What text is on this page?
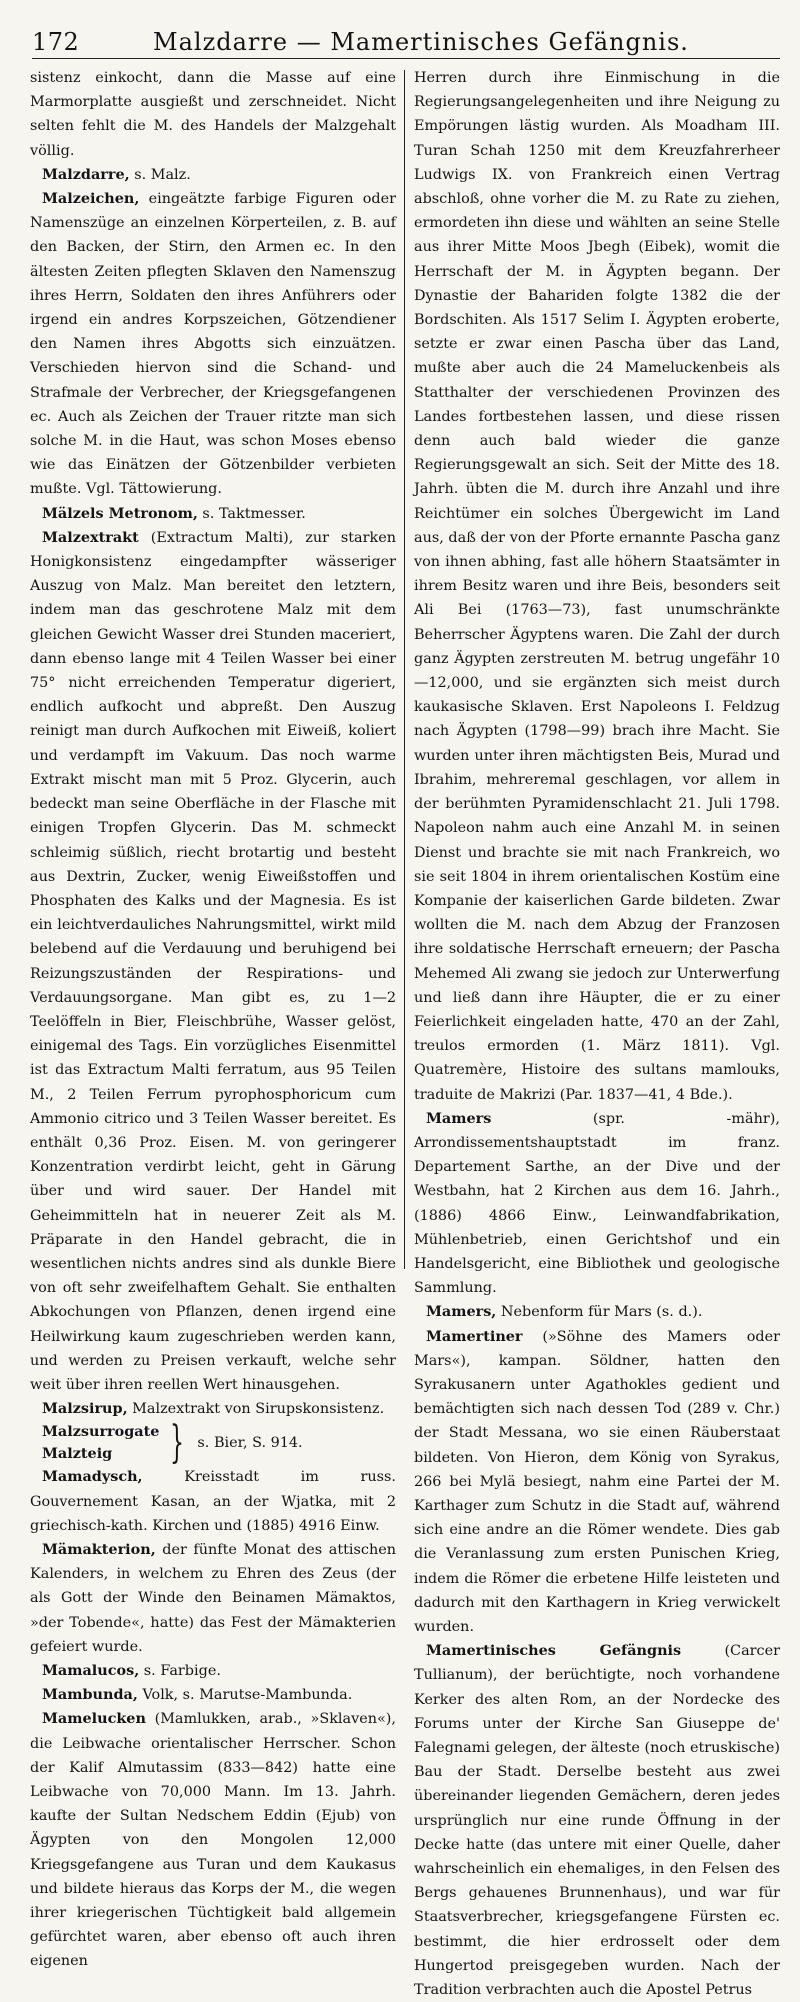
172	Malzdarre — Mamertinisches Gefängnis.

sistenz einkocht, dann die Masse auf eine Marmorplatte ausgießt und zerschneidet. Nicht selten fehlt die M. des Handels der Malzgehalt völlig.

Malzdarre, s. Malz.

Malzeichen, eingeätzte farbige Figuren oder Namenszüge an einzelnen Körperteilen, z. B. auf den Backen, der Stirn, den Armen ec. In den ältesten Zeiten pflegten Sklaven den Namenszug ihres Herrn, Soldaten den ihres Anführers oder irgend ein andres Korpszeichen, Götzendiener den Namen ihres Abgotts sich einzuätzen. Verschieden hiervon sind die Schand- und Strafmale der Verbrecher, der Kriegsgefangenen ec. Auch als Zeichen der Trauer ritzte man sich solche M. in die Haut, was schon Moses ebenso wie das Einätzen der Götzenbilder verbieten mußte. Vgl. Tättowierung.

Mälzels Metronom, s. Taktmesser.

Malzextrakt (Extractum Malti), zur starken Honigkonsistenz eingedampfter wässeriger Auszug von Malz. Man bereitet den letztern, indem man das geschrotene Malz mit dem gleichen Gewicht Wasser drei Stunden maceriert, dann ebenso lange mit 4 Teilen Wasser bei einer 75° nicht erreichenden Temperatur digeriert, endlich aufkocht und abpreßt. Den Auszug reinigt man durch Aufkochen mit Eiweiß, koliert und verdampft im Vakuum. Das noch warme Extrakt mischt man mit 5 Proz. Glycerin, auch bedeckt man seine Oberfläche in der Flasche mit einigen Tropfen Glycerin. Das M. schmeckt schleimig süßlich, riecht brotartig und besteht aus Dextrin, Zucker, wenig Eiweißstoffen und Phosphaten des Kalks und der Magnesia. Es ist ein leichtverdauliches Nahrungsmittel, wirkt mild belebend auf die Verdauung und beruhigend bei Reizungszuständen der Respirations- und Verdauungsorgane. Man gibt es, zu 1—2 Teelöffeln in Bier, Fleischbrühe, Wasser gelöst, einigemal des Tags. Ein vorzügliches Eisenmittel ist das Extractum Malti ferratum, aus 95 Teilen M., 2 Teilen Ferrum pyrophosphoricum cum Ammonio citrico und 3 Teilen Wasser bereitet. Es enthält 0,36 Proz. Eisen. M. von geringerer Konzentration verdirbt leicht, geht in Gärung über und wird sauer. Der Handel mit Geheimmitteln hat in neuerer Zeit als M. Präparate in den Handel gebracht, die in wesentlichen nichts andres sind als dunkle Biere von oft sehr zweifelhaftem Gehalt. Sie enthalten Abkochungen von Pflanzen, denen irgend eine Heilwirkung kaum zugeschrieben werden kann, und werden zu Preisen verkauft, welche sehr weit über ihren reellen Wert hinausgehen.

Malzsirup, Malzextrakt von Sirupskonsistenz.

Malzsurrogate
Malzteig	} s. Bier, S. 914.

Mamadysch,	Kreisstadt im russ. Gouvernement Kasan, an der Wjatka, mit 2 griechisch-kath. Kirchen und (1885) 4916 Einw.

Mämakterion, der fünfte Monat des attischen Kalenders, in welchem zu Ehren des Zeus (der als Gott der Winde den Beinamen Mämaktos, »der Tobende«, hatte) das Fest der Mämakterien gefeiert wurde.

Mamalucos, s. Farbige.

Mambunda, Volk, s. Marutse-Mambunda.

Mamelucken (Mamlukken, arab., »Sklaven«), die Leibwache orientalischer Herrscher. Schon der Kalif Almutassim (833—842) hatte eine Leibwache von 70,000 Mann. Im 13. Jahrh. kaufte der Sultan Nedschem Eddin (Ejub) von Ägypten von den Mongolen 12,000 Kriegsgefangene aus Turan und dem Kaukasus und bildete hieraus das Korps der M., die wegen ihrer kriegerischen Tüchtigkeit bald allgemein gefürchtet waren, aber ebenso oft auch ihren eigenen

Herren durch ihre Einmischung in die Regierungsangelegenheiten und ihre Neigung zu Empörungen lästig wurden. Als Moadham III. Turan Schah 1250 mit dem Kreuzfahrerheer Ludwigs IX. von Frankreich einen Vertrag abschloß, ohne vorher die M. zu Rate zu ziehen, ermordeten ihn diese und wählten an seine Stelle aus ihrer Mitte Moos Jbegh (Eibek), womit die Herrschaft der M. in Ägypten begann. Der Dynastie der Bahariden folgte 1382 die der Bordschiten. Als 1517 Selim I. Ägypten eroberte, setzte er zwar einen Pascha über das Land, mußte aber auch die 24 Mameluckenbeis als Statthalter der verschiedenen Provinzen des Landes fortbestehen lassen, und diese rissen denn auch bald wieder die ganze Regierungsgewalt an sich. Seit der Mitte des 18. Jahrh. übten die M. durch ihre Anzahl und ihre Reichtümer ein solches Übergewicht im Land aus, daß der von der Pforte ernannte Pascha ganz von ihnen abhing, fast alle höhern Staatsämter in ihrem Besitz waren und ihre Beis, besonders seit Ali Bei (1763—73), fast unumschränkte Beherrscher Ägyptens waren. Die Zahl der durch ganz Ägypten zerstreuten M. betrug ungefähr 10—12,000, und sie ergänzten sich meist durch kaukasische Sklaven. Erst Napoleons I. Feldzug nach Ägypten (1798—99) brach ihre Macht. Sie wurden unter ihren mächtigsten Beis, Murad und Ibrahim, mehreremal geschlagen, vor allem in der berühmten Pyramidenschlacht 21. Juli 1798. Napoleon nahm auch eine Anzahl M. in seinen Dienst und brachte sie mit nach Frankreich, wo sie seit 1804 in ihrem orientalischen Kostüm eine Kompanie der kaiserlichen Garde bildeten. Zwar wollten die M. nach dem Abzug der Franzosen ihre soldatische Herrschaft erneuern; der Pascha Mehemed Ali zwang sie jedoch zur Unterwerfung und ließ dann ihre Häupter, die er zu einer Feierlichkeit eingeladen hatte, 470 an der Zahl, treulos ermorden (1. März 1811). Vgl. Quatremère, Histoire des sultans mamlouks, traduite de Makrizi (Par. 1837—41, 4 Bde.).

Mamers	(spr. -mähr), Arrondissementshauptstadt im franz. Departement Sarthe, an der Dive und der Westbahn, hat 2 Kirchen aus dem 16. Jahrh., (1886) 4866 Einw., Leinwandfabrikation, Mühlenbetrieb, einen Gerichtshof und ein Handelsgericht, eine Bibliothek und geologische Sammlung.

Mamers, Nebenform für Mars (s. d.).

Mamertiner (»Söhne des Mamers oder Mars«), kampan. Söldner, hatten den Syrakusanern unter Agathokles gedient und bemächtigten sich nach dessen Tod (289 v. Chr.) der Stadt Messana, wo sie einen Räuberstaat bildeten. Von Hieron, dem König von Syrakus, 266 bei Mylä besiegt, nahm eine Partei der M. Karthager zum Schutz in die Stadt auf, während sich eine andre an die Römer wendete. Dies gab die Veranlassung zum ersten Punischen Krieg, indem die Römer die erbetene Hilfe leisteten und dadurch mit den Karthagern in Krieg verwickelt wurden.

Mamertinisches Gefängnis	(Carcer Tullianum), der berüchtigte, noch vorhandene Kerker des alten Rom, an der Nordecke des Forums unter der Kirche San Giuseppe de' Falegnami gelegen, der älteste (noch etruskische) Bau der Stadt. Derselbe besteht aus zwei übereinander liegenden Gemächern, deren jedes ursprünglich nur eine runde Öffnung in der Decke hatte (das untere mit einer Quelle, daher wahrscheinlich ein ehemaliges, in den Felsen des Bergs gehauenes Brunnenhaus), und war für Staatsverbrecher, kriegsgefangene Fürsten ec. bestimmt, die hier erdrosselt oder dem Hungertod preisgegeben wurden. Nach der Tradition verbrachten auch die Apostel Petrus
